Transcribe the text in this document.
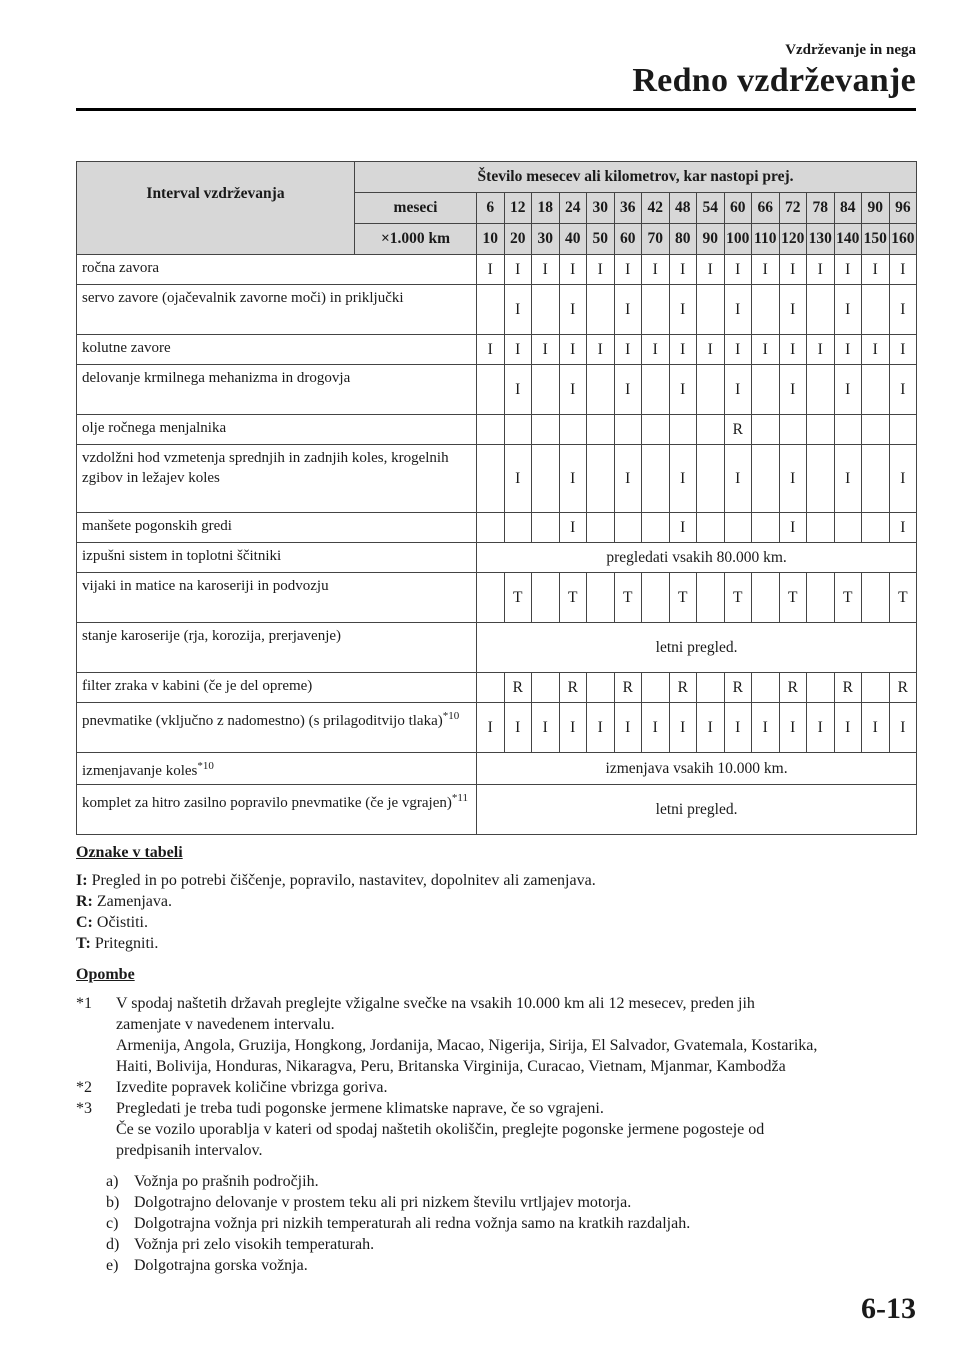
Vzdrževanje in nega
Redno vzdrževanje
Interval vzdrževanja	Število mesecev ali kilometrov, kar nastopi prej.																
	meseci	6	12	18	24	30	36	42	48	54	60	66	72	78	84	90	96
	×1.000 km	10	20	30	40	50	60	70	80	90	100	110	120	130	140	150	160
ročna zavora		I	I	I	I	I	I	I	I	I	I	I	I	I	I	I	I
servo zavore (ojačevalnik zavorne moči) in priključki			I		I		I		I		I		I		I		I
kolutne zavore		I	I	I	I	I	I	I	I	I	I	I	I	I	I	I	I
delovanje krmilnega mehanizma in drogovja			I		I		I		I		I		I		I		I
olje ročnega menjalnika											R						
vzdolžni hod vzmetenja sprednjih in zadnjih koles, krogelnih zgibov in ležajev koles			I		I		I		I		I		I		I		I
manšete pogonskih gredi					I				I				I				I
izpušni sistem in toplotni ščitniki		pregledati vsakih 80.000 km.															
vijaki in matice na karoseriji in podvozju			T		T		T		T		T		T		T		T
stanje karoserije (rja, korozija, prerjavenje)		letni pregled.															
filter zraka v kabini (če je del opreme)			R		R		R		R		R		R		R		R
pnevmatike (vključno z nadomestno) (s prilagoditvijo tlaka)$^{*10}$		I	I	I	I	I	I	I	I	I	I	I	I	I	I	I	I
izmenjavanje koles$^{*10}$		izmenjava vsakih 10.000 km.															
komplet za hitro zasilno popravilo pnevmatike (če je vgrajen)$^{*11}$		letni pregled.															

Oznake v tabeli

I: Pregled in po potrebi čiščenje, popravilo, nastavitev, dopolnitev ali zamenjava.

R: Zamenjava.

C: Očistiti.

T: Pritegniti.

Opombe

*1 V spodaj naštetih državah preglejte vžigalne svečke na vsakih 10.000 km ali 12 mesecev, preden jih
zamenjate v navedenem intervalu.
Armenija, Angola, Gruzija, Hongkong, Jordanija, Macao, Nigerija, Sirija, El Salvador, Gvatemala, Kostarika,
Haiti, Bolivija, Honduras, Nikaragva, Peru, Britanska Virginija, Curacao, Vietnam, Mjanmar, Kambodža
*2 Izvedite popravek količine vbrizga goriva.
*3 Pregledati je treba tudi pogonske jermene klimatske naprave, če so vgrajeni.
Če se vozilo uporablja v kateri od spodaj naštetih okoliščin, preglejte pogonske jermene pogosteje od
predpisanih intervalov.
a) Vožnja po prašnih področjih.
b) Dolgotrajno delovanje v prostem teku ali pri nizkem številu vrtljajev motorja.
c) Dolgotrajna vožnja pri nizkih temperaturah ali redna vožnja samo na kratkih razdaljah.
d) Vožnja pri zelo visokih temperaturah.
e) Dolgotrajna gorska vožnja.
6-13
